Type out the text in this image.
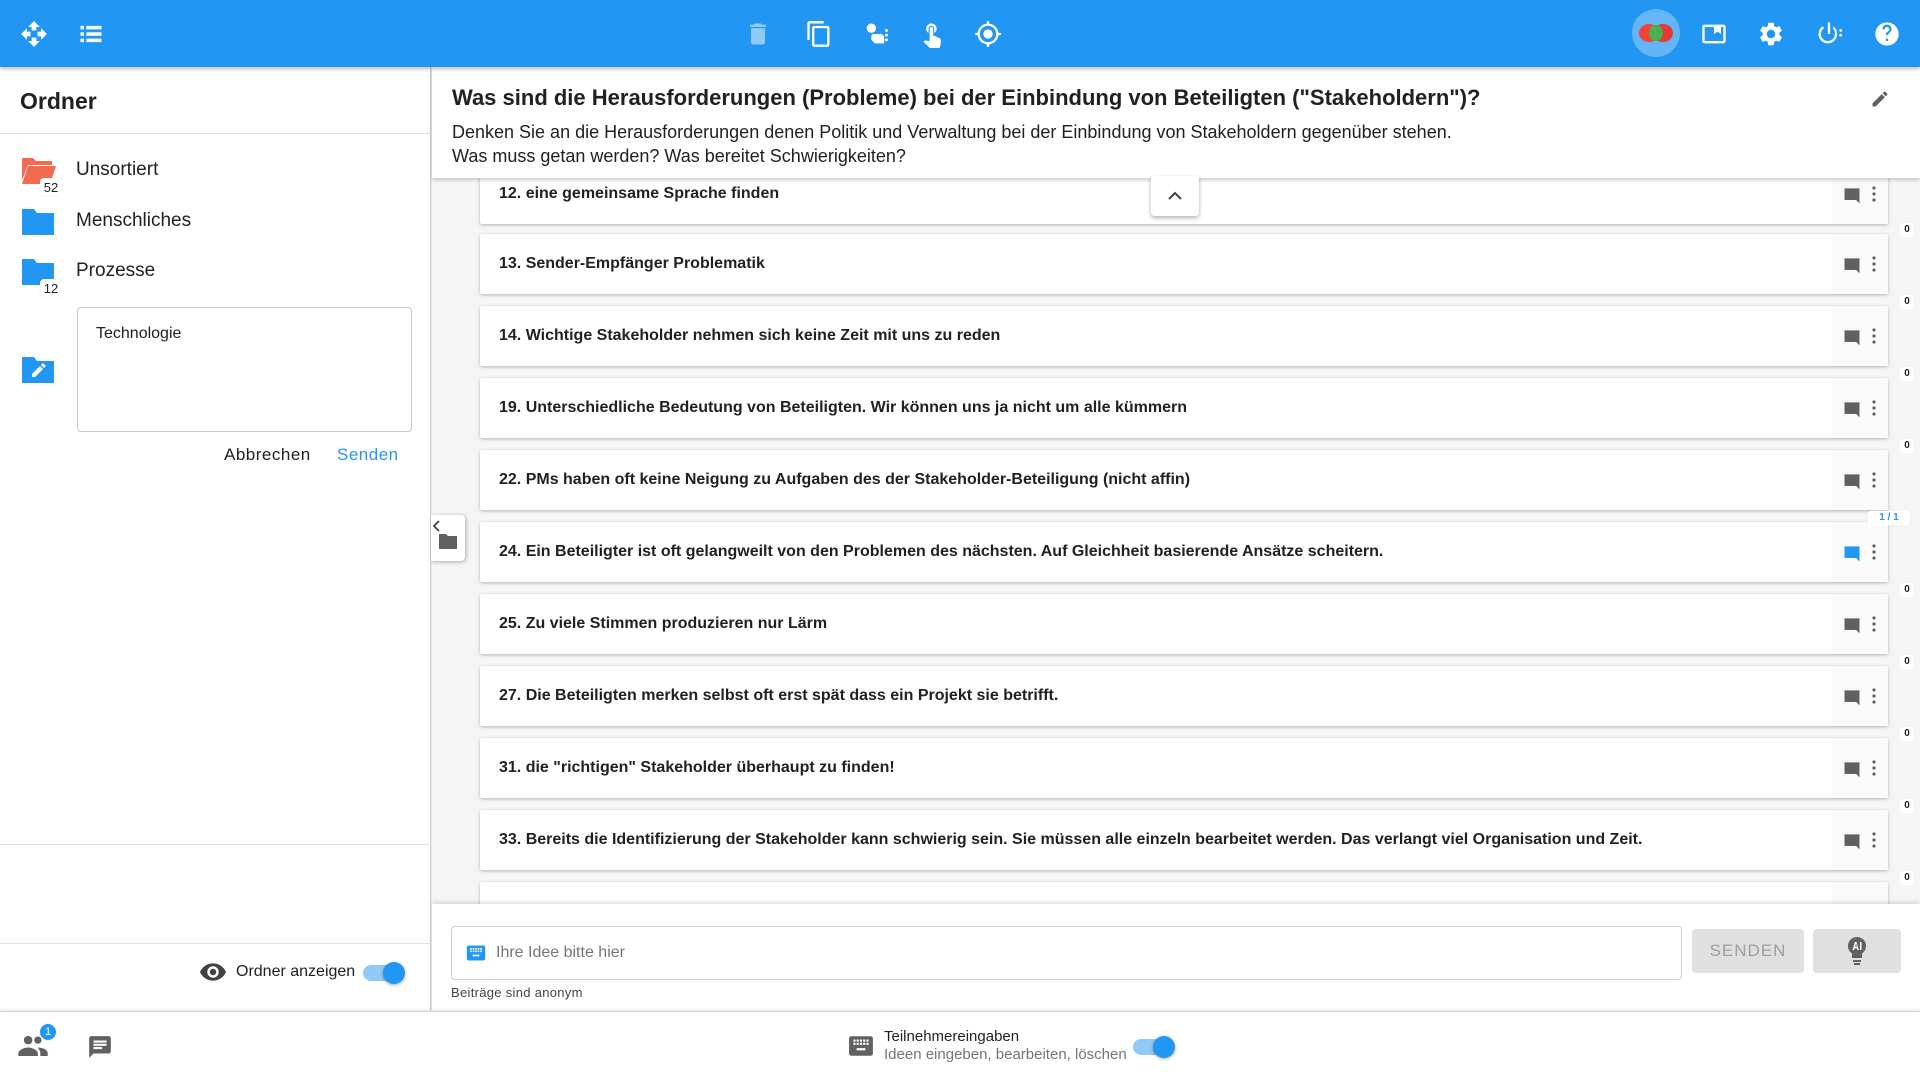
Ordner
52
Unsortiert
Menschliches
12
Prozesse
Technologie
Abbrechen Senden
Ordner anzeigen
Was sind die Herausforderungen (Probleme) bei der Einbindung von Beteiligten ("Stakeholdern")?
Denken Sie an die Herausforderungen denen Politik und Verwaltung bei der Einbindung von Stakeholdern gegenüber stehen.
Was muss getan werden? Was bereitet Schwierigkeiten?
12. eine gemeinsame Sprache finden
13. Sender-Empfänger Problematik
0
14. Wichtige Stakeholder nehmen sich keine Zeit mit uns zu reden
0
19. Unterschiedliche Bedeutung von Beteiligten. Wir können uns ja nicht um alle kümmern
0
22. PMs haben oft keine Neigung zu Aufgaben des der Stakeholder-Beteiligung (nicht affin)
0
24. Ein Beteiligter ist oft gelangweilt von den Problemen des nächsten. Auf Gleichheit basierende Ansätze scheitern.
1 / 1
25. Zu viele Stimmen produzieren nur Lärm
0
27. Die Beteiligten merken selbst oft erst spät dass ein Projekt sie betrifft.
0
31. die "richtigen" Stakeholder überhaupt zu finden!
0
33. Bereits die Identifizierung der Stakeholder kann schwierig sein. Sie müssen alle einzeln bearbeitet werden. Das verlangt viel Organisation und Zeit.
0
0
Ihre Idee bitte hier
SENDEN
Beiträge sind anonym
1	Teilnehmereingaben
Ideen eingeben, bearbeiten, löschen
